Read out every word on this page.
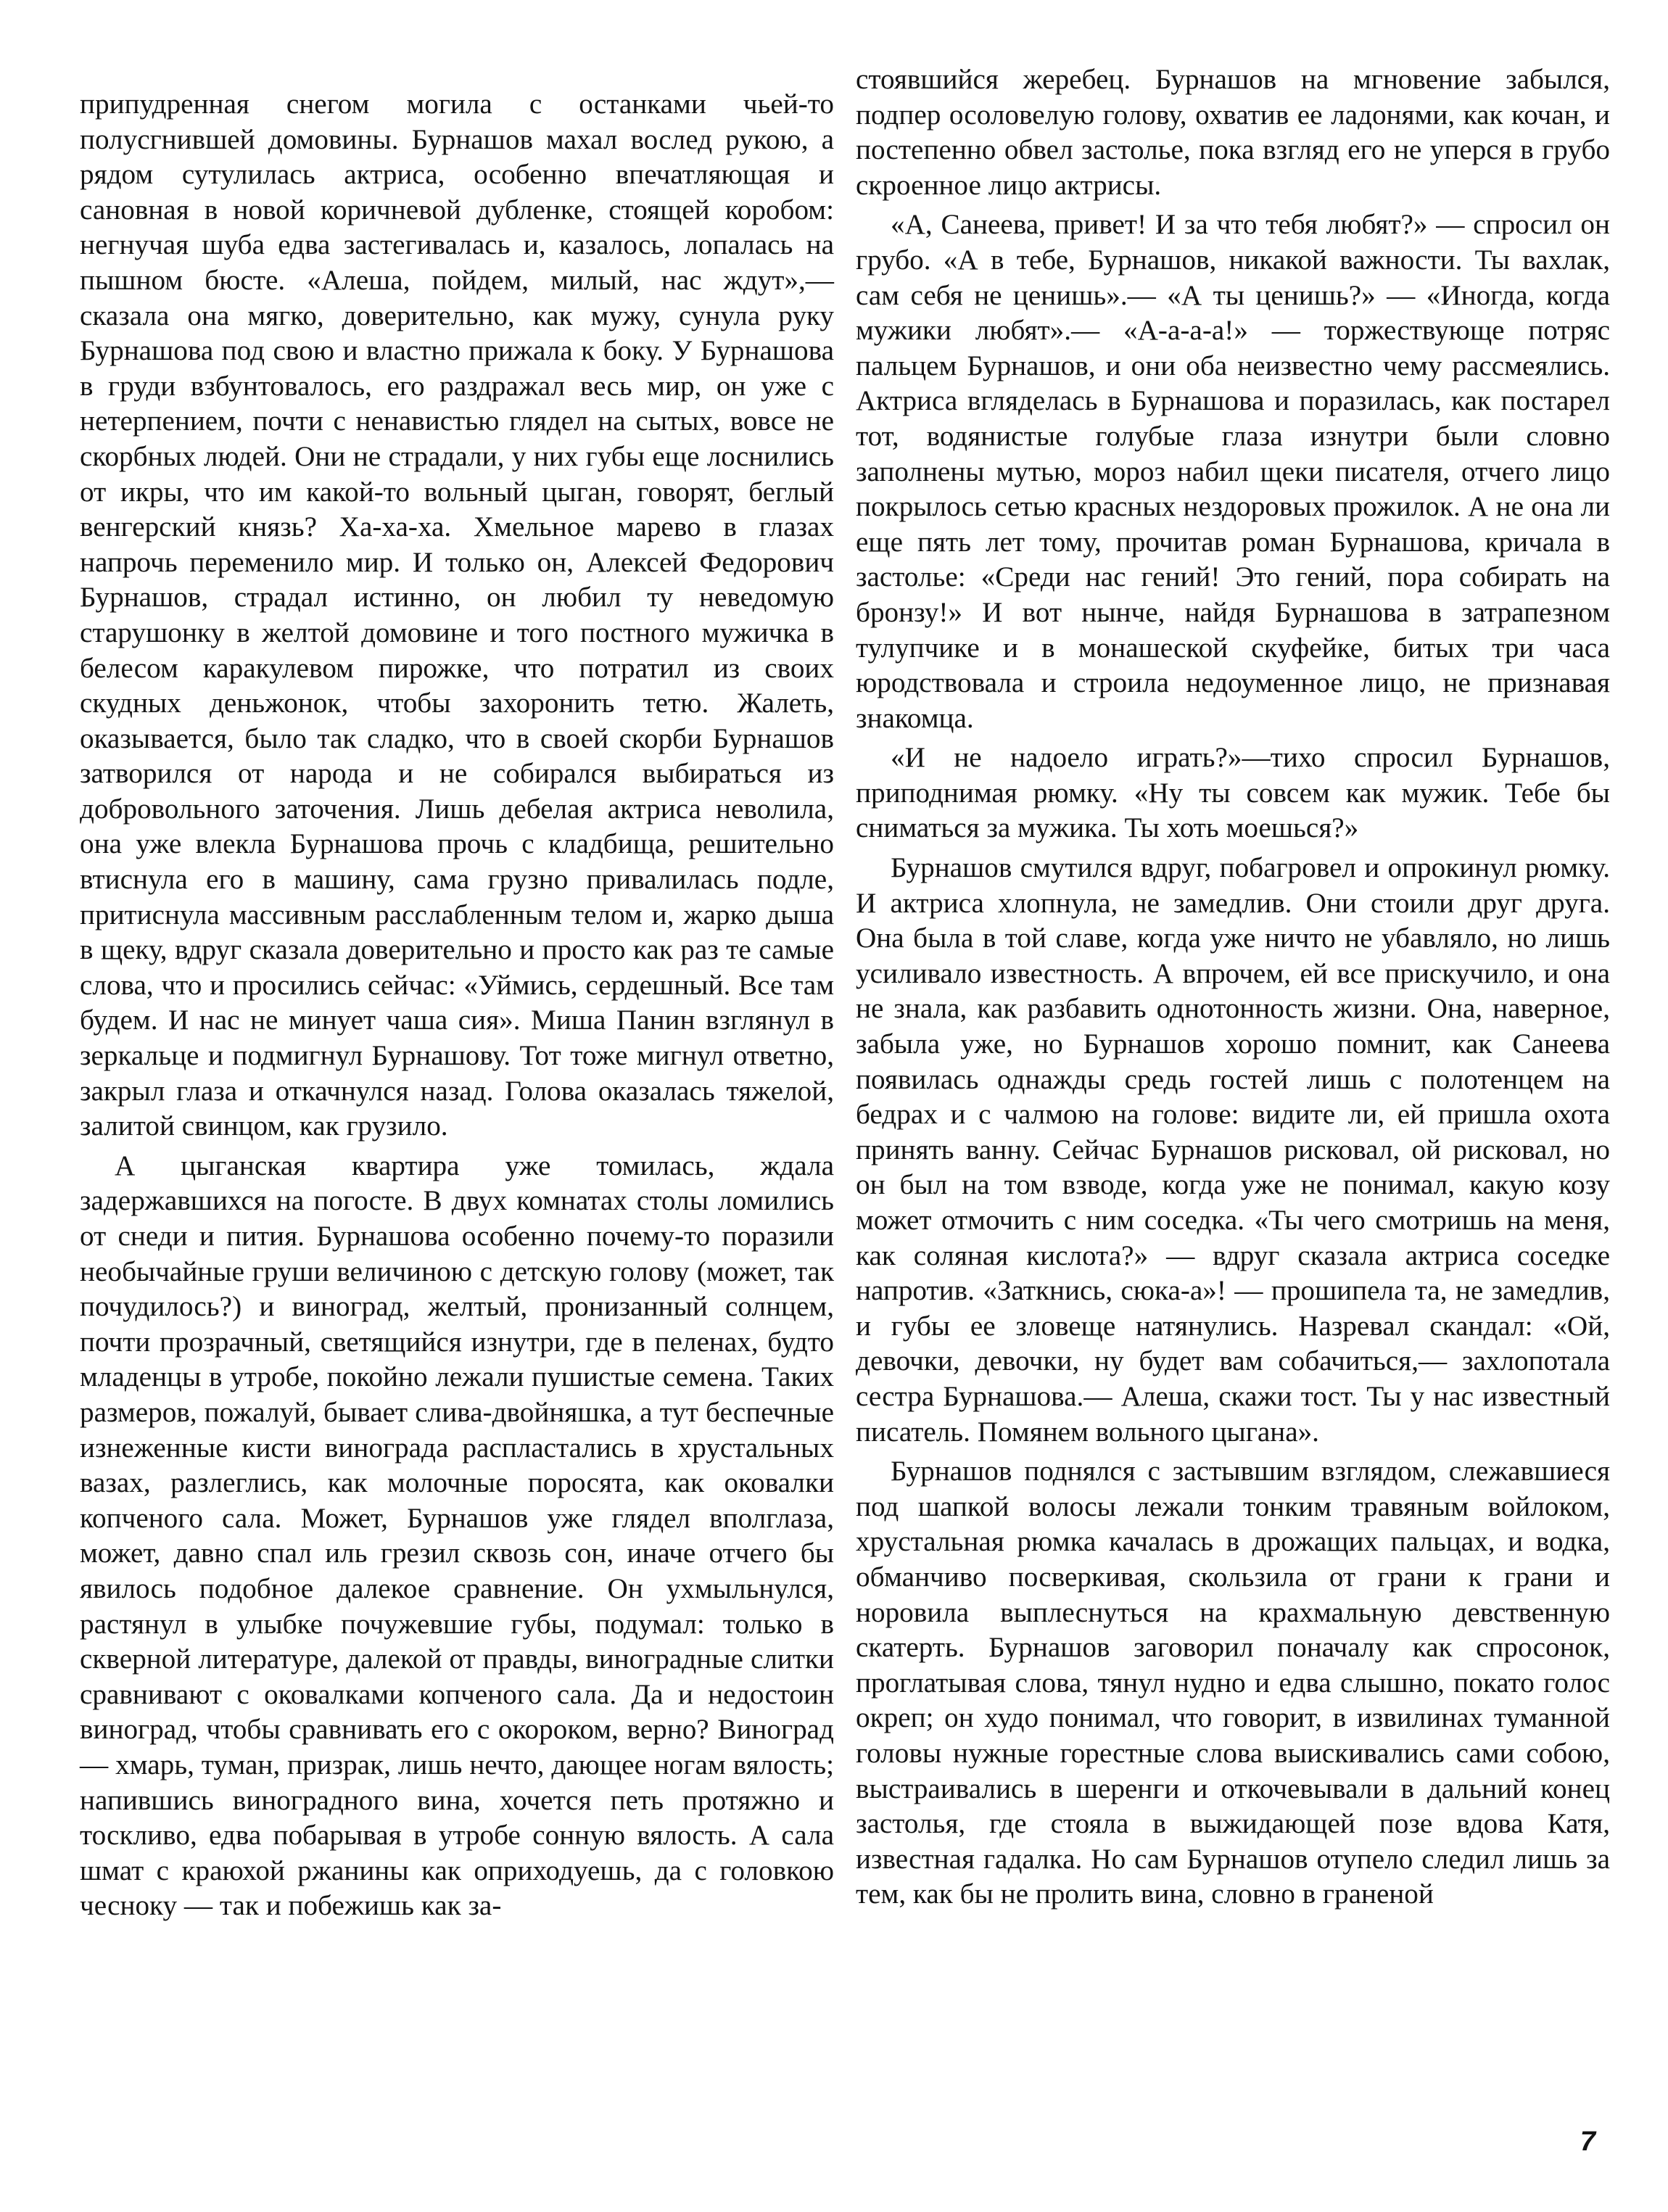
припудренная снегом могила с останками чьей-то полусгнившей домовины. Бурнашов махал вослед рукою, а рядом сутулилась актриса, особенно впечатляющая и сановная в новой коричневой дубленке, стоящей коробом: негнучая шуба едва застегивалась и, казалось, лопалась на пышном бюсте. «Алеша, пойдем, милый, нас ждут»,— сказала она мягко, доверительно, как мужу, сунула руку Бурнашова под свою и властно прижала к боку. У Бурнашова в груди взбунтовалось, его раздражал весь мир, он уже с нетерпением, почти с ненавистью глядел на сытых, вовсе не скорбных людей. Они не страдали, у них губы еще лоснились от икры, что им какой-то вольный цыган, говорят, беглый венгерский князь? Ха-ха-ха. Хмельное марево в глазах напрочь переменило мир. И только он, Алексей Федорович Бурнашов, страдал истинно, он любил ту неведомую старушонку в желтой домовине и того постного мужичка в белесом каракулевом пирожке, что потратил из своих скудных деньжонок, чтобы захоронить тетю. Жалеть, оказывается, было так сладко, что в своей скорби Бурнашов затворился от народа и не собирался выбираться из добровольного заточения. Лишь дебелая актриса неволила, она уже влекла Бурнашова прочь с кладбища, решительно втиснула его в машину, сама грузно привалилась подле, притиснула массивным расслабленным телом и, жарко дыша в щеку, вдруг сказала доверительно и просто как раз те самые слова, что и просились сейчас: «Уймись, сердешный. Все там будем. И нас не минует чаша сия». Миша Панин взглянул в зеркальце и подмигнул Бурнашову. Тот тоже мигнул ответно, закрыл глаза и откачнулся назад. Голова оказалась тяжелой, залитой свинцом, как грузило.

А цыганская квартира уже томилась, ждала задержавшихся на погосте. В двух комнатах столы ломились от снеди и пития. Бурнашова особенно почему-то поразили необычайные груши величиною с детскую голову (может, так почудилось?) и виноград, желтый, пронизанный солнцем, почти прозрачный, светящийся изнутри, где в пеленах, будто младенцы в утробе, покойно лежали пушистые семена. Таких размеров, пожалуй, бывает слива-двойняшка, а тут беспечные изнеженные кисти винограда распластались в хрустальных вазах, разлеглись, как молочные поросята, как оковалки копченого сала. Может, Бурнашов уже глядел вполглаза, может, давно спал иль грезил сквозь сон, иначе отчего бы явилось подобное далекое сравнение. Он ухмыльнулся, растянул в улыбке почужевшие губы, подумал: только в скверной литературе, далекой от правды, виноградные слитки сравнивают с оковалками копченого сала. Да и недостоин виноград, чтобы сравнивать его с окороком, верно? Виноград — хмарь, туман, призрак, лишь нечто, дающее ногам вялость; напившись виноградного вина, хочется петь протяжно и тоскливо, едва побарывая в утробе сонную вялость. А сала шмат с краюхой ржанины как оприходуешь, да с головкою чесноку — так и побежишь как за-

стоявшийся жеребец. Бурнашов на мгновение забылся, подпер осоловелую голову, охватив ее ладонями, как кочан, и постепенно обвел застолье, пока взгляд его не уперся в грубо скроенное лицо актрисы.

«А, Санеева, привет! И за что тебя любят?» — спросил он грубо. «А в тебе, Бурнашов, никакой важности. Ты вахлак, сам себя не ценишь».— «А ты ценишь?» — «Иногда, когда мужики любят».— «А-а-а-а!» — торжествующе потряс пальцем Бурнашов, и они оба неизвестно чему рассмеялись. Актриса вгляделась в Бурнашова и поразилась, как постарел тот, водянистые голубые глаза изнутри были словно заполнены мутью, мороз набил щеки писателя, отчего лицо покрылось сетью красных нездоровых прожилок. А не она ли еще пять лет тому, прочитав роман Бурнашова, кричала в застолье: «Среди нас гений! Это гений, пора собирать на бронзу!» И вот нынче, найдя Бурнашова в затрапезном тулупчике и в монашеской скуфейке, битых три часа юродствовала и строила недоуменное лицо, не признавая знакомца.

«И не надоело играть?»—тихо спросил Бурнашов, приподнимая рюмку. «Ну ты совсем как мужик. Тебе бы сниматься за мужика. Ты хоть моешься?»

Бурнашов смутился вдруг, побагровел и опрокинул рюмку. И актриса хлопнула, не замедлив. Они стоили друг друга. Она была в той славе, когда уже ничто не убавляло, но лишь усиливало известность. А впрочем, ей все прискучило, и она не знала, как разбавить однотонность жизни. Она, наверное, забыла уже, но Бурнашов хорошо помнит, как Санеева появилась однажды средь гостей лишь с полотенцем на бедрах и с чалмою на голове: видите ли, ей пришла охота принять ванну. Сейчас Бурнашов рисковал, ой рисковал, но он был на том взводе, когда уже не понимал, какую козу может отмочить с ним соседка. «Ты чего смотришь на меня, как соляная кислота?» — вдруг сказала актриса соседке напротив. «Заткнись, сюка-а»! — прошипела та, не замедлив, и губы ее зловеще натянулись. Назревал скандал: «Ой, девочки, девочки, ну будет вам собачиться,— захлопотала сестра Бурнашова.— Алеша, скажи тост. Ты у нас известный писатель. Помянем вольного цыгана».

Бурнашов поднялся с застывшим взглядом, слежавшиеся под шапкой волосы лежали тонким травяным войлоком, хрустальная рюмка качалась в дрожащих пальцах, и водка, обманчиво посверкивая, скользила от грани к грани и норовила выплеснуться на крахмальную девственную скатерть. Бурнашов заговорил поначалу как спросонок, проглатывая слова, тянул нудно и едва слышно, покато голос окреп; он худо понимал, что говорит, в извилинах туманной головы нужные горестные слова выискивались сами собою, выстраивались в шеренги и откочевывали в дальний конец застолья, где стояла в выжидающей позе вдова Катя, известная гадалка. Но сам Бурнашов отупело следил лишь за тем, как бы не пролить вина, словно в граненой

7
